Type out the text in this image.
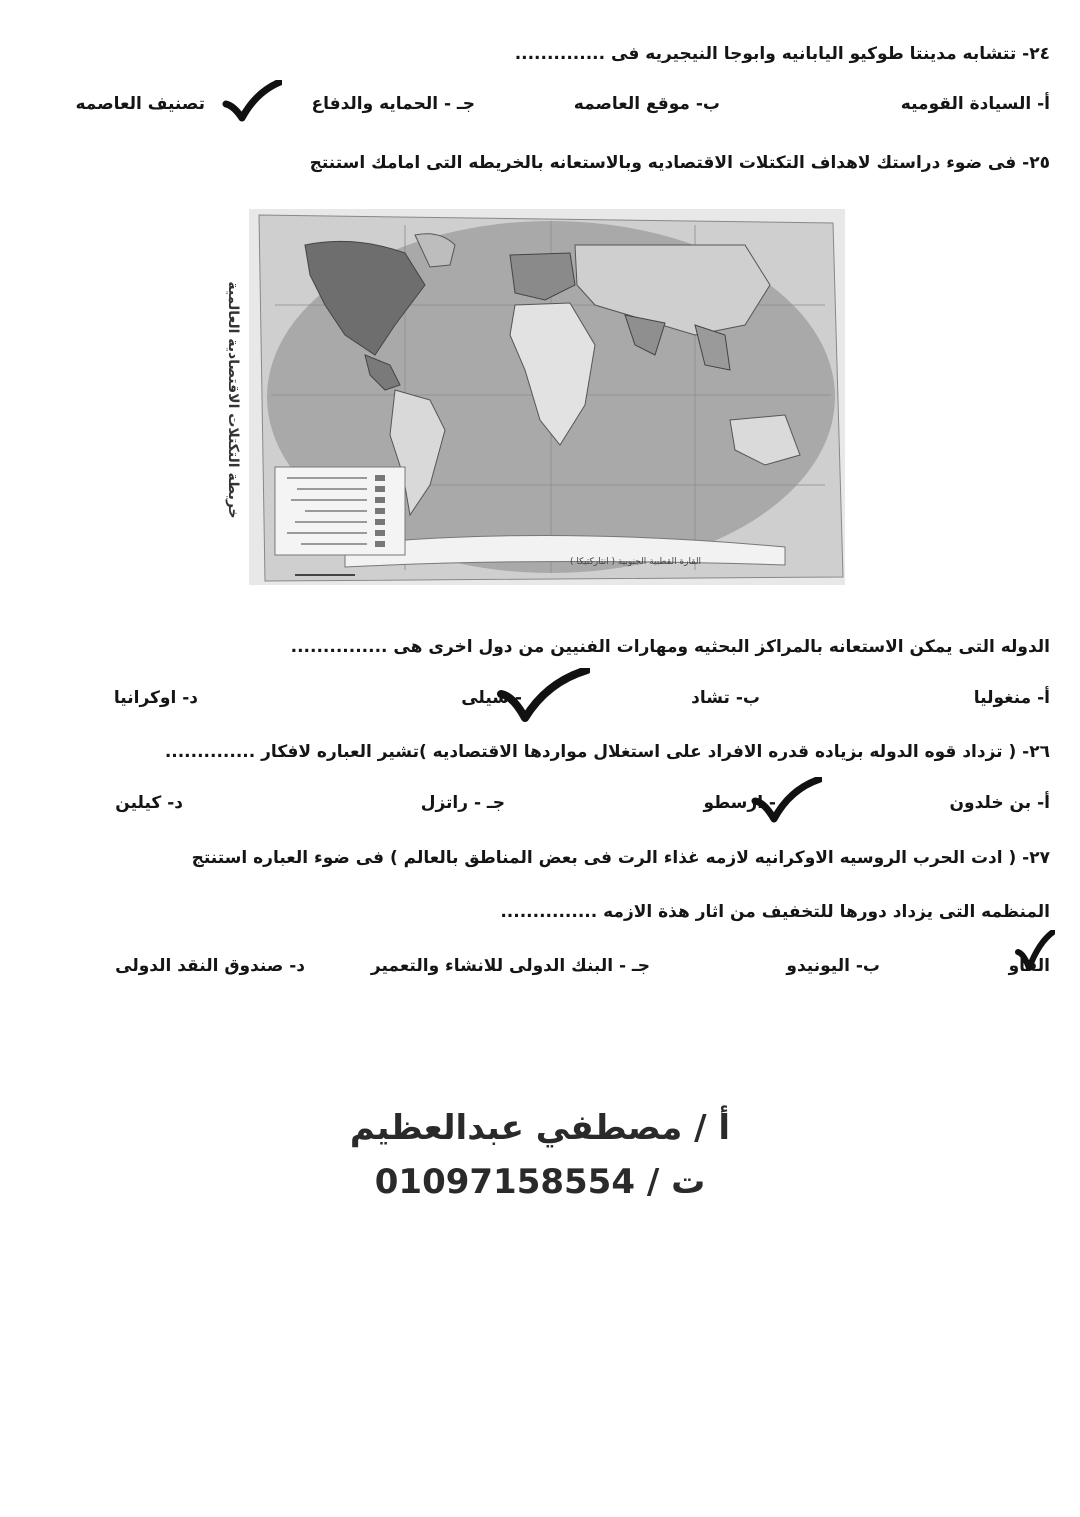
٢٤- تتشابه مدينتا طوكيو اليابانيه وابوجا النيجيريه فى ..............
أ- السيادة القوميه
ب- موقع العاصمه
جـ - الحمايه والدفاع
تصنيف العاصمه
٢٥- فى ضوء دراستك لاهداف التكتلات الاقتصاديه وبالاستعانه بالخريطه التى امامك استنتج
خريطة التكتلات الاقتصادية العالمية
القارة القطبية الجنوبية ( انتاركتيكا )
الدوله التى يمكن الاستعانه بالمراكز البحثيه ومهارات الفنيين من دول اخرى هى ...............
أ- منغوليا
ب- تشاد
- شيلى
د- اوكرانيا
٢٦- ( تزداد قوه الدوله بزياده قدره الافراد على استغلال مواردها الاقتصاديه )تشير العباره لافكار ..............
أ- بن خلدون
- ارسطو
جـ - راتزل
د- كيلين
٢٧- ( ادت الحرب الروسيه الاوكرانيه لازمه غذاء الرت فى بعض المناطق بالعالم ) فى ضوء العباره استنتج
المنظمه التى يزداد دورها للتخفيف من اثار هذة الازمه ...............
الفاو
ب- اليونيدو
جـ - البنك الدولى للانشاء والتعمير
د- صندوق النقد الدولى
أ / مصطفي عبدالعظيم
ت / 01097158554
